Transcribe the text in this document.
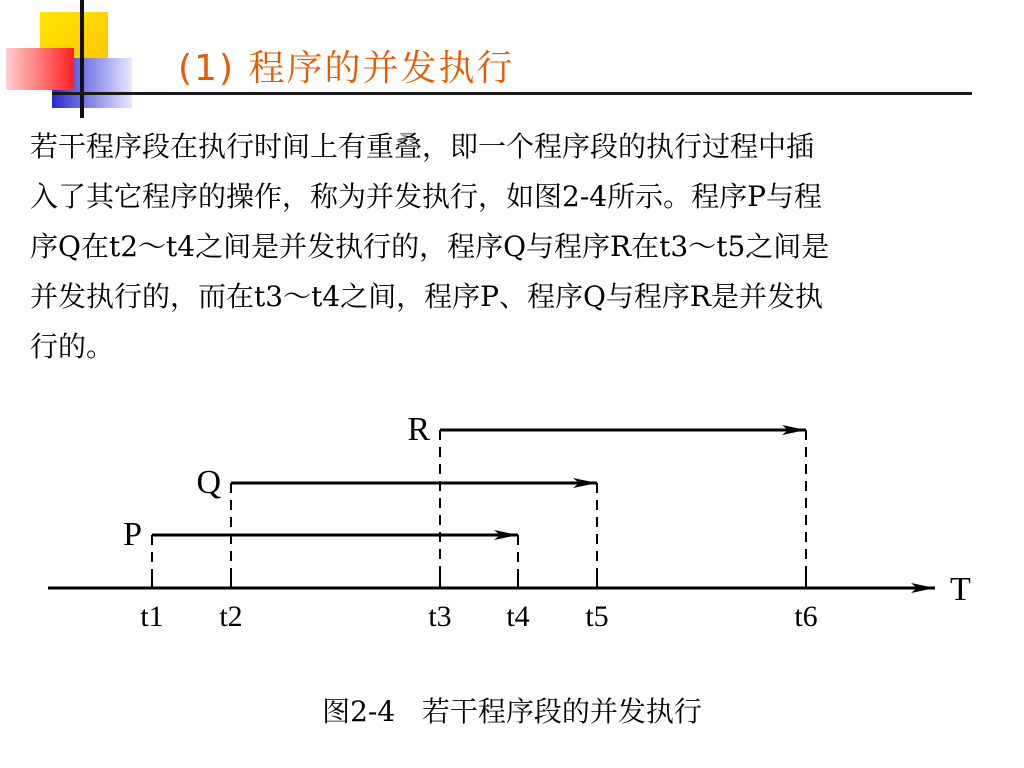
(1) 程序的并发执行
若干程序段在执行时间上有重叠，即一个程序段的执行过程中插
入了其它程序的操作，称为并发执行，如图2-4所示。程序P与程
序Q在t2～t4之间是并发执行的，程序Q与程序R在t3～t5之间是
并发执行的，而在t3～t4之间，程序P、程序Q与程序R是并发执
行的。
T
t1 t2	t3 t4 t5	t6
P
Q
R
图2-4   若干程序段的并发执行
